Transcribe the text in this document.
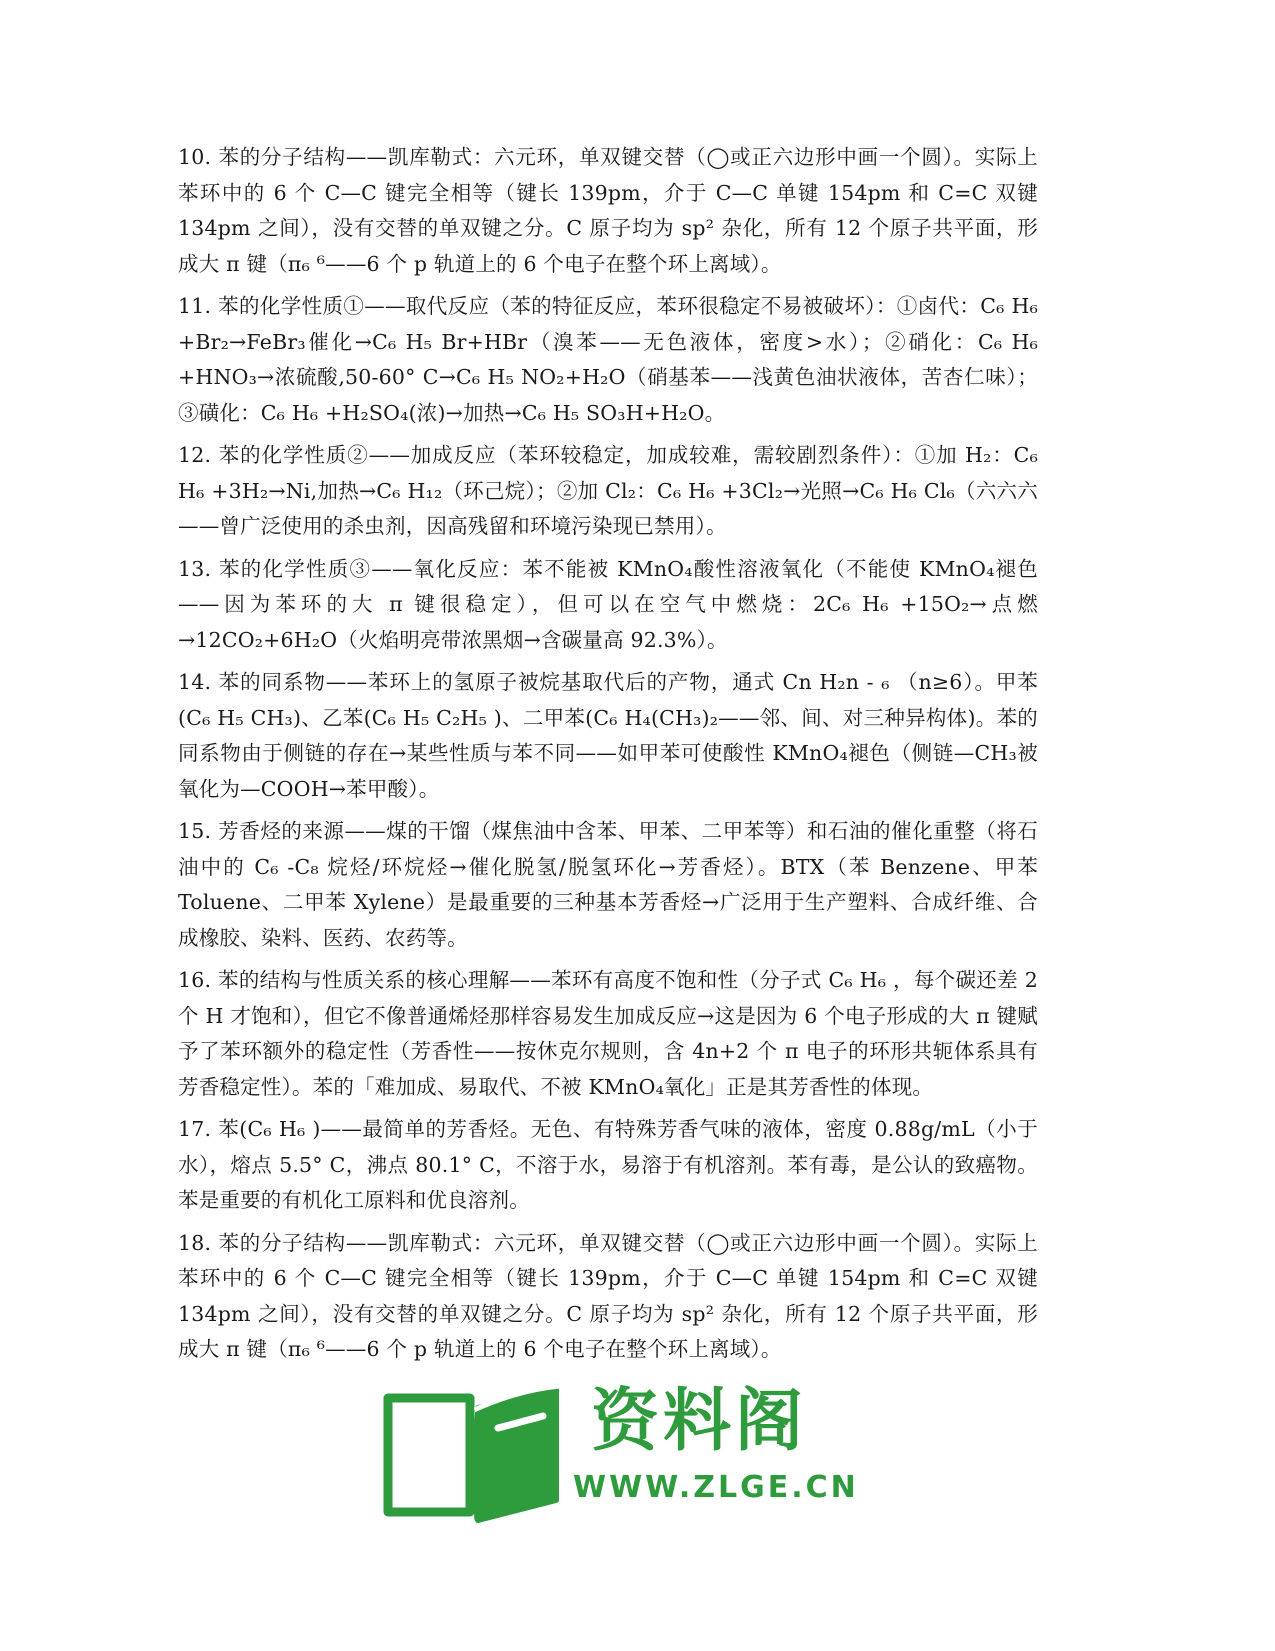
10. 苯的分子结构——凯库勒式：六元环，单双键交替（◯或正六边形中画一个圆）。实际上苯环中的 6 个 C—C 键完全相等（键长 139pm，介于 C—C 单键 154pm 和 C=C 双键 134pm 之间），没有交替的单双键之分。C 原子均为 sp² 杂化，所有 12 个原子共平面，形成大 π 键（π₆ ⁶——6 个 p 轨道上的 6 个电子在整个环上离域）。

11. 苯的化学性质①——取代反应（苯的特征反应，苯环很稳定不易被破坏）：①卤代：C₆ H₆ +Br₂→FeBr₃催化→C₆ H₅ Br+HBr（溴苯——无色液体，密度>水）；②硝化：C₆ H₆ +HNO₃→浓硫酸,50-60° C→C₆ H₅ NO₂+H₂O（硝基苯——浅黄色油状液体，苦杏仁味）；③磺化：C₆ H₆ +H₂SO₄(浓)→加热→C₆ H₅ SO₃H+H₂O。

12. 苯的化学性质②——加成反应（苯环较稳定，加成较难，需较剧烈条件）：①加 H₂：C₆ H₆ +3H₂→Ni,加热→C₆ H₁₂（环己烷）；②加 Cl₂：C₆ H₆ +3Cl₂→光照→C₆ H₆ Cl₆（六六六——曾广泛使用的杀虫剂，因高残留和环境污染现已禁用）。

13. 苯的化学性质③——氧化反应：苯不能被 KMnO₄酸性溶液氧化（不能使 KMnO₄褪色——因为苯环的大 π 键很稳定），但可以在空气中燃烧：2C₆ H₆ +15O₂→点燃→12CO₂+6H₂O（火焰明亮带浓黑烟→含碳量高 92.3%）。

14. 苯的同系物——苯环上的氢原子被烷基取代后的产物，通式 Cn H₂n - ₆ （n≥6）。甲苯(C₆ H₅ CH₃)、乙苯(C₆ H₅ C₂H₅ )、二甲苯(C₆ H₄(CH₃)₂——邻、间、对三种异构体)。苯的同系物由于侧链的存在→某些性质与苯不同——如甲苯可使酸性 KMnO₄褪色（侧链—CH₃被氧化为—COOH→苯甲酸）。

15. 芳香烃的来源——煤的干馏（煤焦油中含苯、甲苯、二甲苯等）和石油的催化重整（将石油中的 C₆ -C₈ 烷烃/环烷烃→催化脱氢/脱氢环化→芳香烃）。BTX（苯 Benzene、甲苯 Toluene、二甲苯 Xylene）是最重要的三种基本芳香烃→广泛用于生产塑料、合成纤维、合成橡胶、染料、医药、农药等。

16. 苯的结构与性质关系的核心理解——苯环有高度不饱和性（分子式 C₆ H₆ ，每个碳还差 2 个 H 才饱和），但它不像普通烯烃那样容易发生加成反应→这是因为 6 个电子形成的大 π 键赋予了苯环额外的稳定性（芳香性——按休克尔规则，含 4n+2 个 π 电子的环形共轭体系具有芳香稳定性）。苯的「难加成、易取代、不被 KMnO₄氧化」正是其芳香性的体现。

17. 苯(C₆ H₆ )——最简单的芳香烃。无色、有特殊芳香气味的液体，密度 0.88g/mL（小于水），熔点 5.5° C，沸点 80.1° C，不溶于水，易溶于有机溶剂。苯有毒，是公认的致癌物。苯是重要的有机化工原料和优良溶剂。

18. 苯的分子结构——凯库勒式：六元环，单双键交替（◯或正六边形中画一个圆）。实际上苯环中的 6 个 C—C 键完全相等（键长 139pm，介于 C—C 单键 154pm 和 C=C 双键 134pm 之间），没有交替的单双键之分。C 原子均为 sp² 杂化，所有 12 个原子共平面，形成大 π 键（π₆ ⁶——6 个 p 轨道上的 6 个电子在整个环上离域）。

资料阁
WWW.ZLGE.CN
